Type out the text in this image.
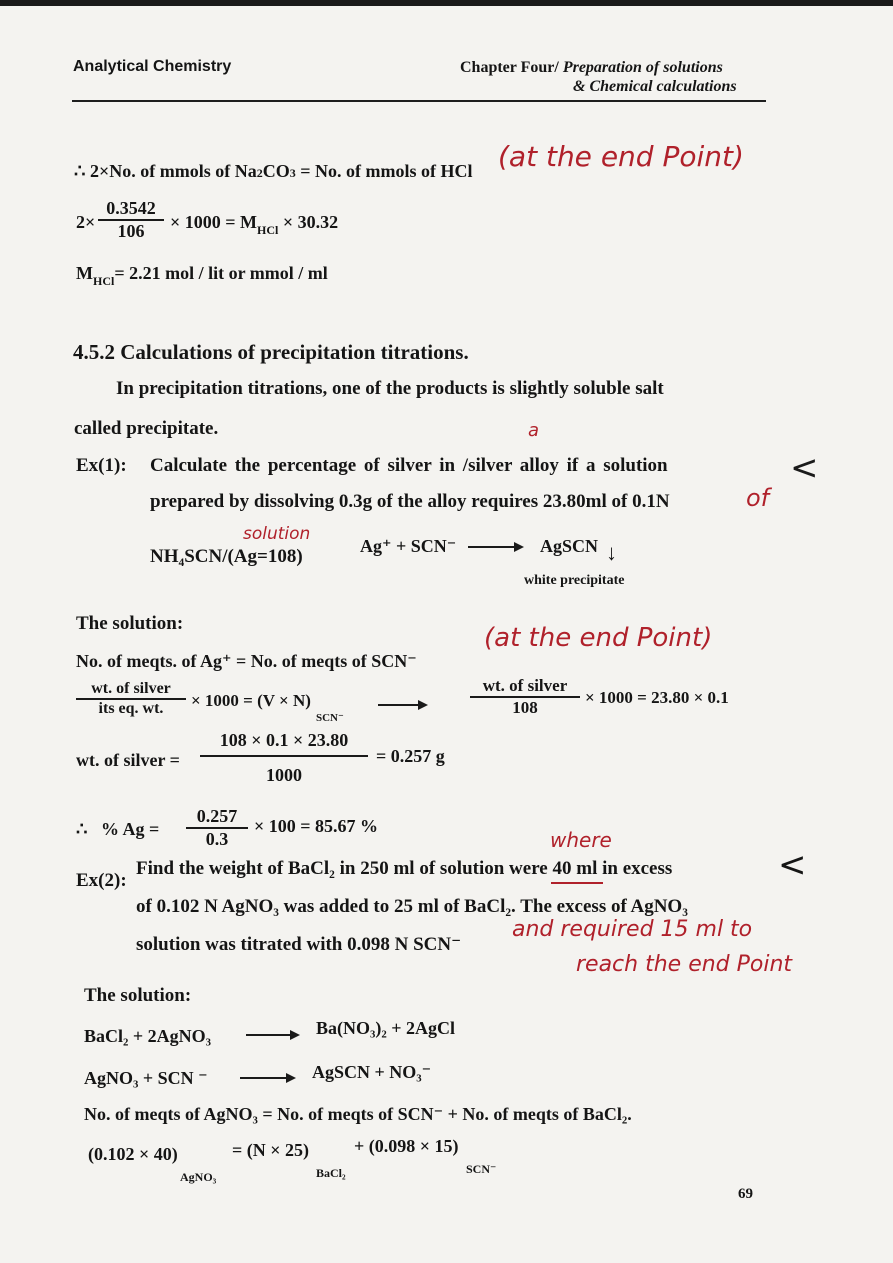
Analytical Chemistry	Chapter Four/ Preparation of solutions
& Chemical calculations
∴ 2×No. of mmols of Na2CO3 = No. of mmols of HCl (at the end Point)
$2\times \frac{0.3542}{106} \times 1000 = M_{HCl} \times 30.32$
$M_{HCl}= 2.21$ mol / lit or mmol / ml
4.5.2 Calculations of precipitation titrations.
In precipitation titrations, one of the products is slightly soluble salt
called precipitate.	a
Ex(1): Calculate the percentage of silver in /silver alloy if a solution	<
prepared by dissolving 0.3g of the alloy requires 23.80ml of 0.1N	of
solution
NH₄SCN/(Ag=108)	Ag⁺ + SCN⁻	AgSCN ↓
white precipitate
The solution:
No. of meqts. of Ag⁺ = No. of meqts of SCN⁻
(at the end Point)
wt. of silver
its eq. wt.	× 1000 = (V × N)
SCN⁻
wt. of silver
108
× 1000 = 23.80 × 0.1
wt. of silver = $\frac{108 \times 0.1 \times 23.80}{1000} = 0.257$ g
∴   % $Ag = \frac{0.257}{0.3} \times 100 = 85.67$ %
where
Ex(2):
Find the weight of BaCl₂ in 250 ml of solution were 40 ml in excess	<
of 0.102 N AgNO₃ was added to 25 ml of BaCl₂. The excess of AgNO₃
solution was titrated with 0.098 N SCN⁻
and required 15 ml to
reach the end Point
The solution:
BaCl₂ + 2AgNO₃	Ba(NO₃)₂ + 2AgCl
AgNO₃ + SCN ⁻	AgSCN + NO₃⁻
No. of meqts of AgNO₃ = No. of meqts of SCN⁻ + No. of meqts of BaCl₂.
(0.102 × 40)	= (N × 25) + (0.098 × 15)
AgNO₃	BaCl₂	SCN⁻
69
